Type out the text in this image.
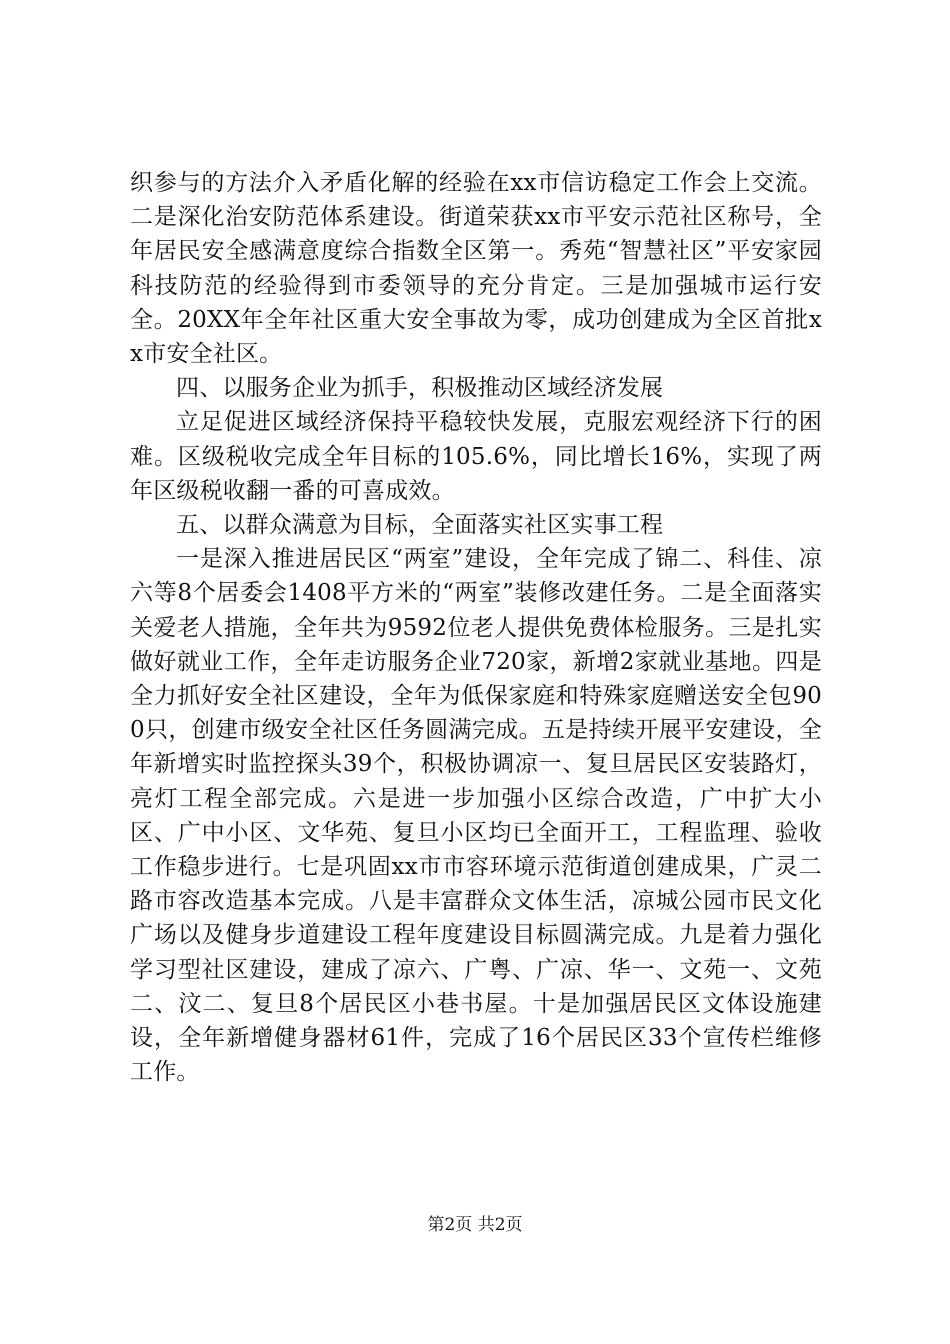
织参与的方法介入矛盾化解的经验在xx市信访稳定工作会上交流。二是深化治安防范体系建设。街道荣获xx市平安示范社区称号，全年居民安全感满意度综合指数全区第一。秀苑“智慧社区”平安家园科技防范的经验得到市委领导的充分肯定。三是加强城市运行安全。20XX年全年社区重大安全事故为零，成功创建成为全区首批xx市安全社区。

四、以服务企业为抓手，积极推动区域经济发展

立足促进区域经济保持平稳较快发展，克服宏观经济下行的困难。区级税收完成全年目标的105.6%，同比增长16%，实现了两年区级税收翻一番的可喜成效。

五、以群众满意为目标，全面落实社区实事工程

一是深入推进居民区“两室”建设，全年完成了锦二、科佳、凉六等8个居委会1408平方米的“两室”装修改建任务。二是全面落实关爱老人措施，全年共为9592位老人提供免费体检服务。三是扎实做好就业工作，全年走访服务企业720家，新增2家就业基地。四是全力抓好安全社区建设，全年为低保家庭和特殊家庭赠送安全包900只，创建市级安全社区任务圆满完成。五是持续开展平安建设，全年新增实时监控探头39个，积极协调凉一、复旦居民区安装路灯，亮灯工程全部完成。六是进一步加强小区综合改造，广中扩大小区、广中小区、文华苑、复旦小区均已全面开工，工程监理、验收工作稳步进行。七是巩固xx市市容环境示范街道创建成果，广灵二路市容改造基本完成。八是丰富群众文体生活，凉城公园市民文化广场以及健身步道建设工程年度建设目标圆满完成。九是着力强化学习型社区建设，建成了凉六、广粤、广凉、华一、文苑一、文苑二、汶二、复旦8个居民区小巷书屋。十是加强居民区文体设施建设，全年新增健身器材61件，完成了16个居民区33个宣传栏维修工作。

第2页 共2页
